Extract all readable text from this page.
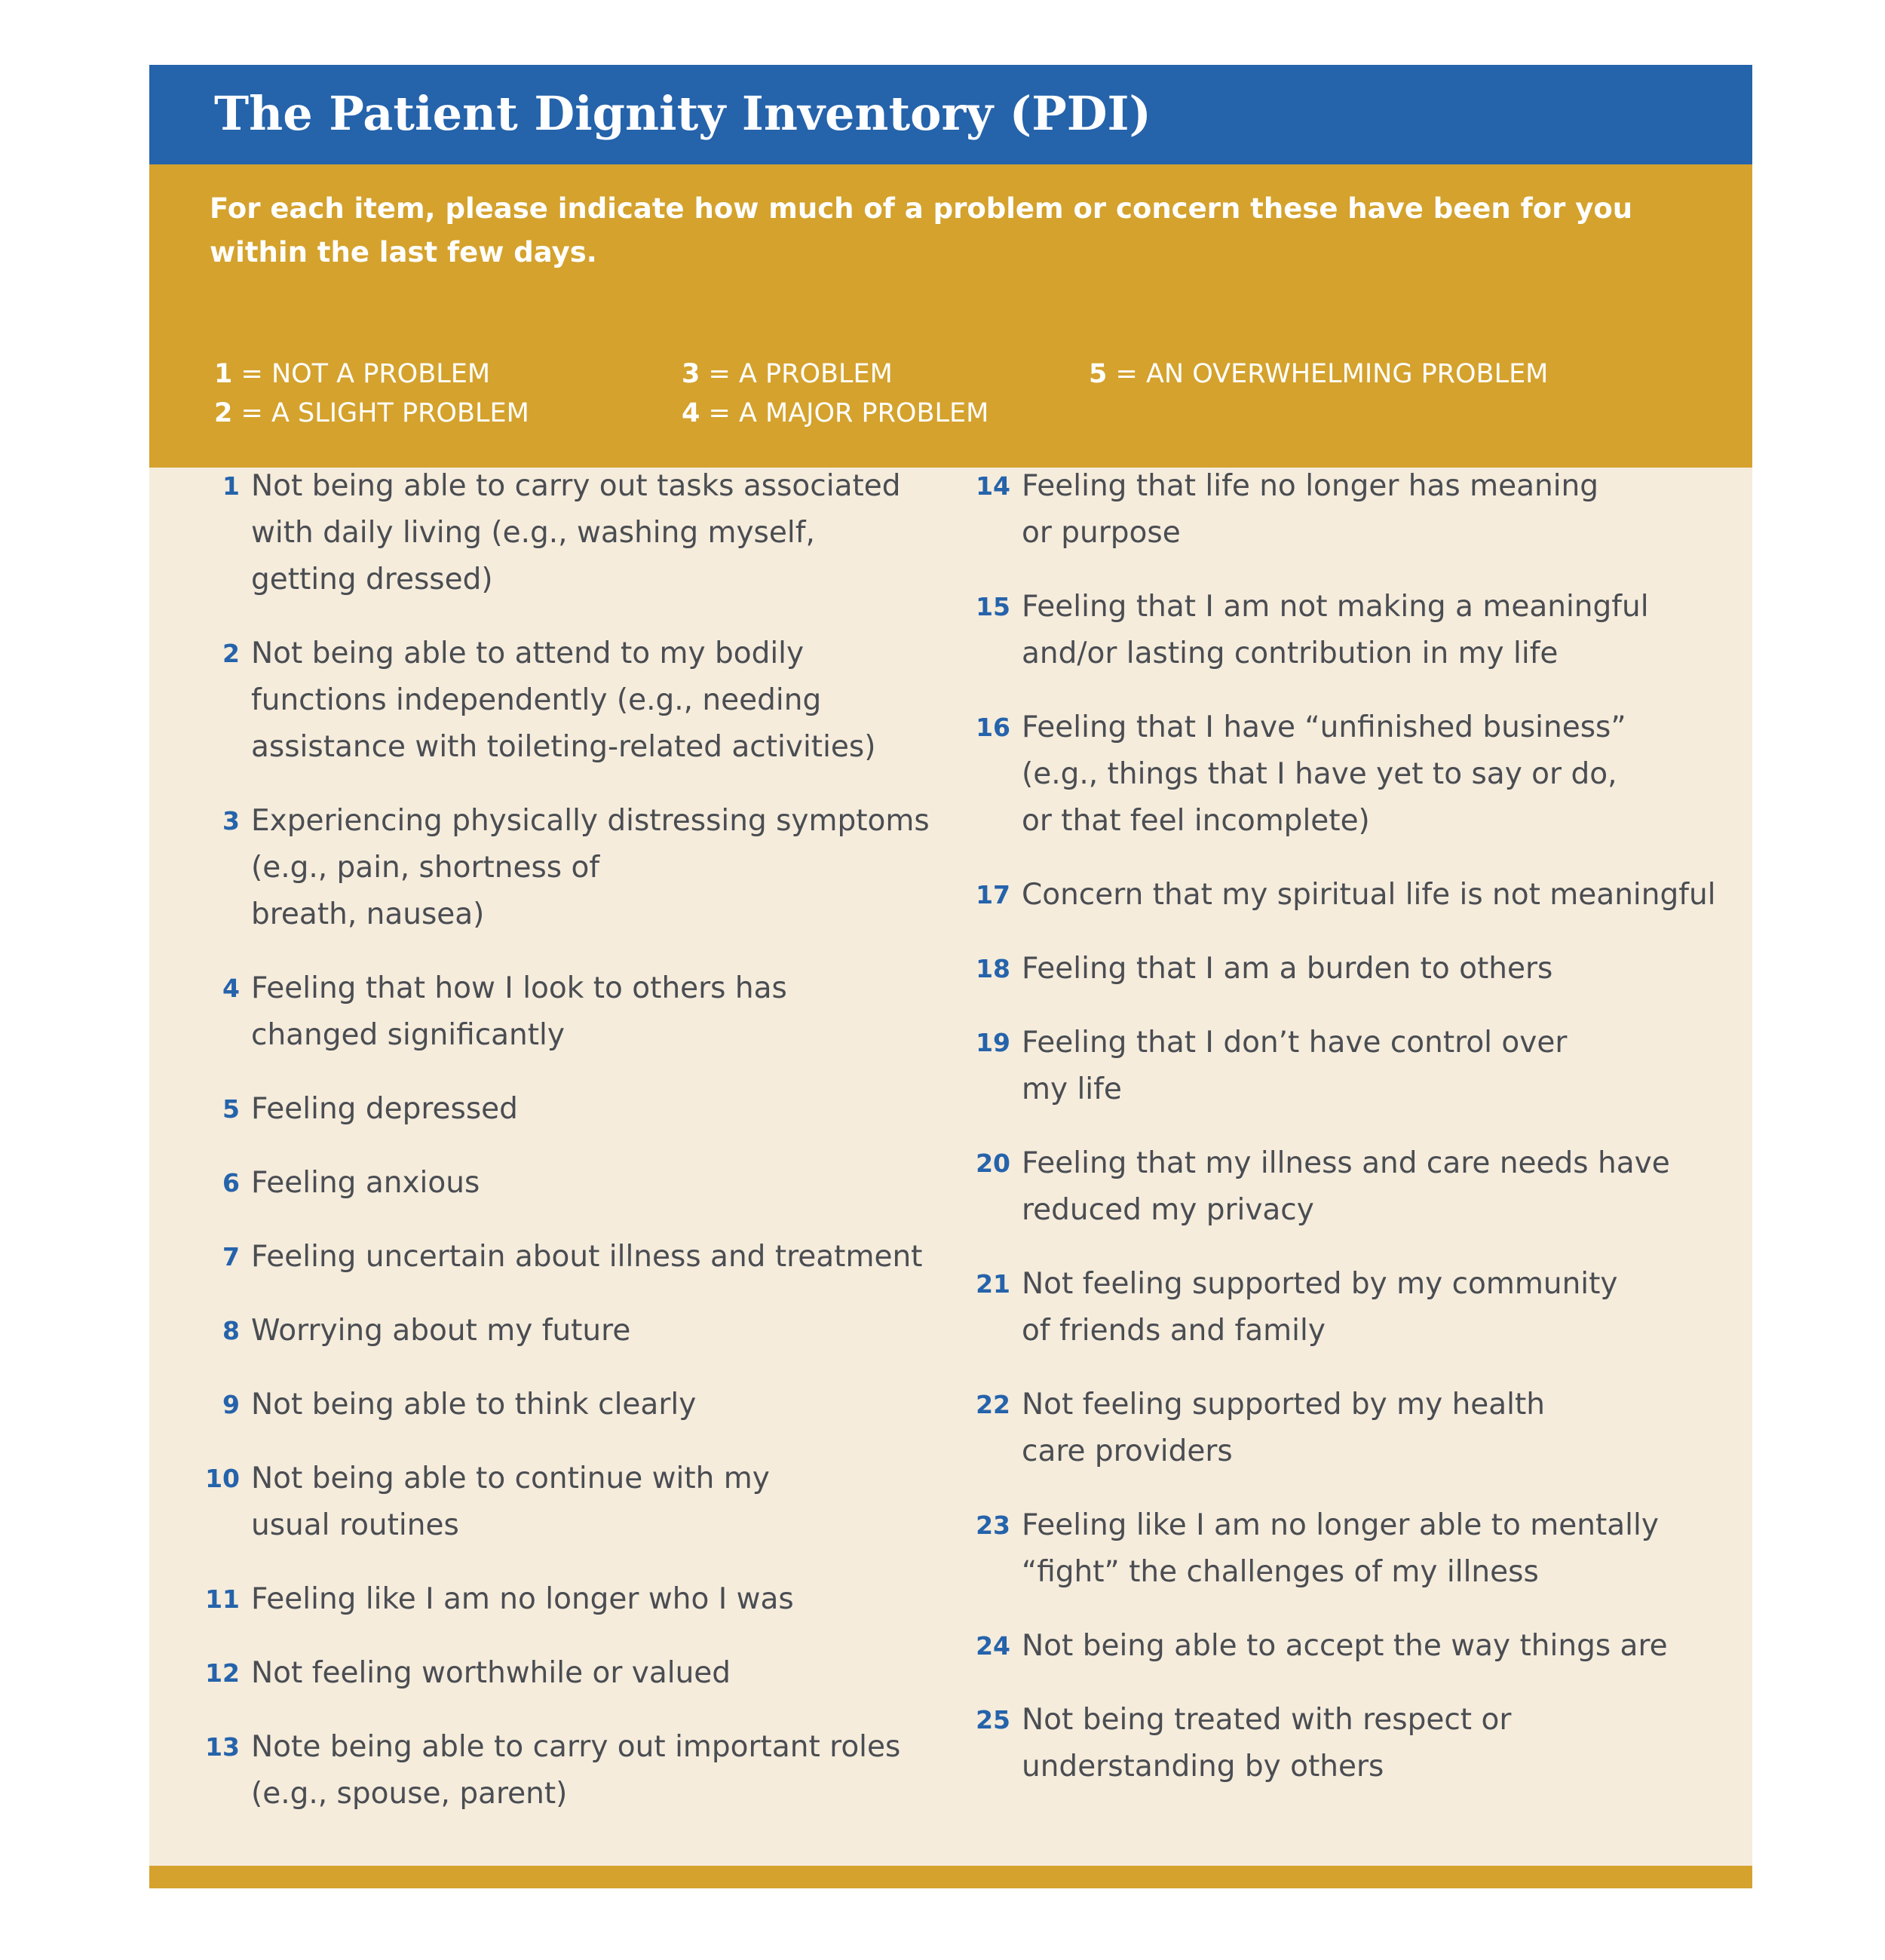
The Patient Dignity Inventory (PDI)

For each item, please indicate how much of a problem or concern these have been for you within the last few days.

1 = NOT A PROBLEM
2 = A SLIGHT PROBLEM
3 = A PROBLEM
4 = A MAJOR PROBLEM
5 = AN OVERWHELMING PROBLEM
1 Not being able to carry out tasks associated
with daily living (e.g., washing myself,
getting dressed)
2 Not being able to attend to my bodily
functions independently (e.g., needing
assistance with toileting-related activities)
3 Experiencing physically distressing symptoms
(e.g., pain, shortness of
breath, nausea)
4 Feeling that how I look to others has
changed significantly
5 Feeling depressed
6 Feeling anxious
7 Feeling uncertain about illness and treatment
8 Worrying about my future
9 Not being able to think clearly
10 Not being able to continue with my
usual routines
11 Feeling like I am no longer who I was
12 Not feeling worthwhile or valued
13 Note being able to carry out important roles
(e.g., spouse, parent)
14 Feeling that life no longer has meaning
or purpose
15 Feeling that I am not making a meaningful
and/or lasting contribution in my life
16 Feeling that I have “unfinished business”
(e.g., things that I have yet to say or do,
or that feel incomplete)
17 Concern that my spiritual life is not meaningful
18 Feeling that I am a burden to others
19 Feeling that I don’t have control over
my life
20 Feeling that my illness and care needs have
reduced my privacy
21 Not feeling supported by my community
of friends and family
22 Not feeling supported by my health
care providers
23 Feeling like I am no longer able to mentally
“fight” the challenges of my illness
24 Not being able to accept the way things are
25 Not being treated with respect or
understanding by others
